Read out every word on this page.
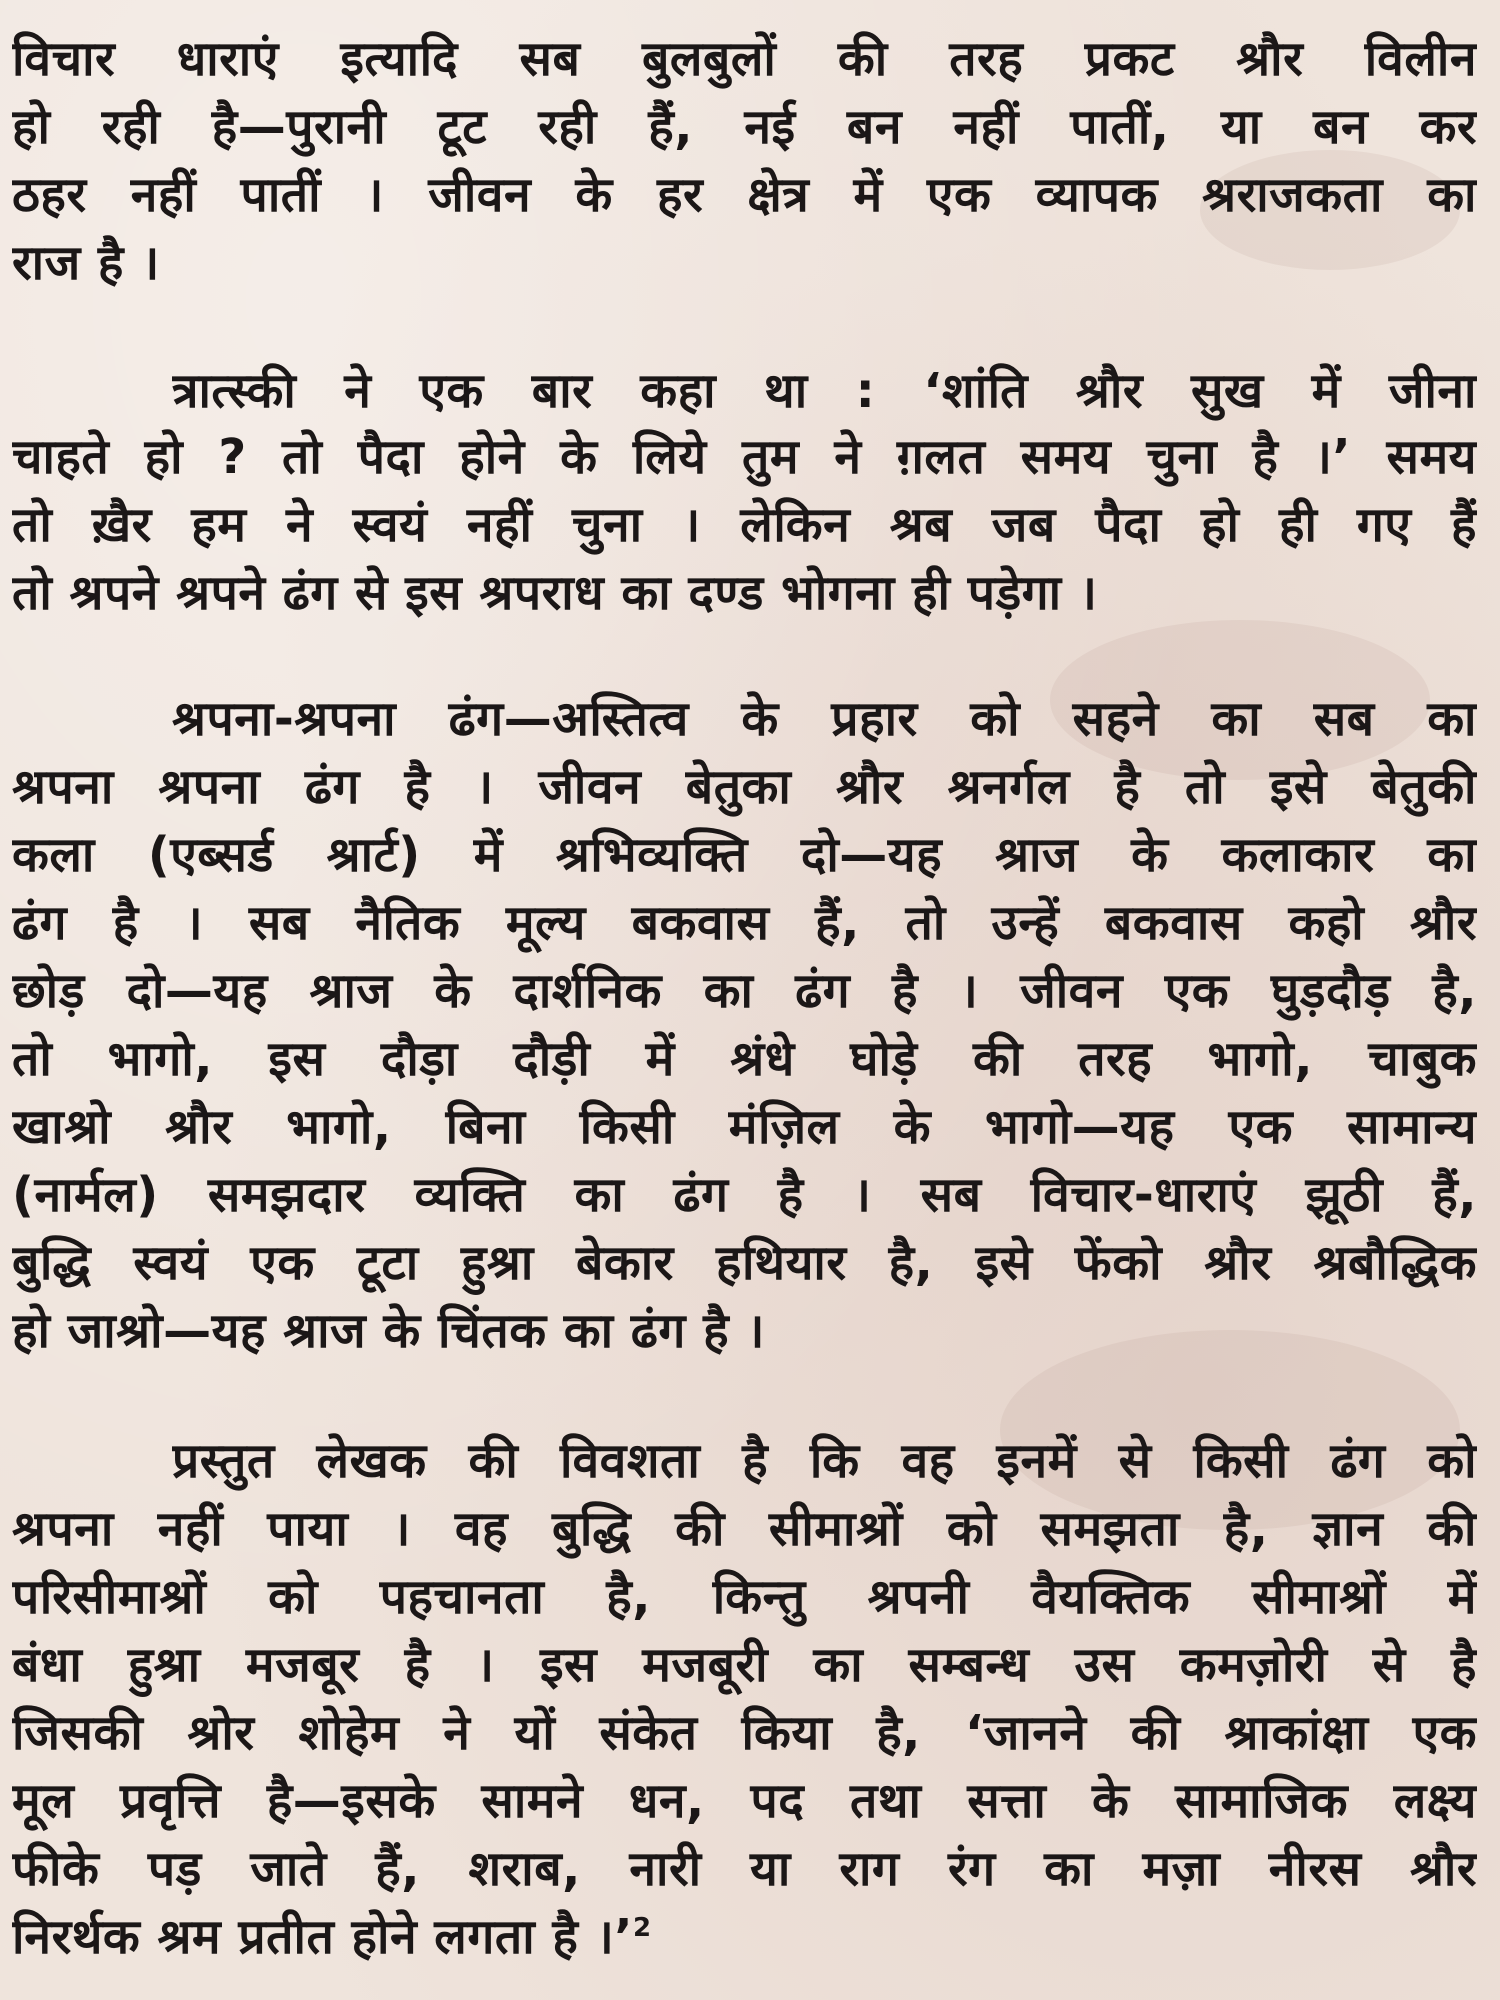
विचार धाराएं इत्यादि सब बुलबुलों की तरह प्रकट श्रौर विलीन
हो रही है—पुरानी टूट रही हैं, नई बन नहीं पातीं, या बन कर
ठहर नहीं पातीं । जीवन के हर क्षेत्र में एक व्यापक श्रराजकता का
राज है ।
त्रात्स्की ने एक बार कहा था : ‘शांति श्रौर सुख में जीना
चाहते हो ? तो पैदा होने के लिये तुम ने ग़लत समय चुना है ।’ समय
तो ख़ैर हम ने स्वयं नहीं चुना । लेकिन श्रब जब पैदा हो ही गए हैं
तो श्रपने श्रपने ढंग से इस श्रपराध का दण्ड भोगना ही पड़ेगा ।
श्रपना-श्रपना ढंग—अस्तित्व के प्रहार को सहने का सब का
श्रपना श्रपना ढंग है । जीवन बेतुका श्रौर श्रनर्गल है तो इसे बेतुकी
कला (एब्सर्ड श्रार्ट) में श्रभिव्यक्ति दो—यह श्राज के कलाकार का
ढंग है । सब नैतिक मूल्य बकवास हैं, तो उन्हें बकवास कहो श्रौर
छोड़ दो—यह श्राज के दार्शनिक का ढंग है । जीवन एक घुड़दौड़ है,
तो भागो, इस दौड़ा दौड़ी में श्रंधे घोड़े की तरह भागो, चाबुक
खाश्रो श्रौर भागो, बिना किसी मंज़िल के भागो—यह एक सामान्य
(नार्मल) समझदार व्यक्ति का ढंग है । सब विचार-धाराएं झूठी हैं,
बुद्धि स्वयं एक टूटा हुश्रा बेकार हथियार है, इसे फेंको श्रौर श्रबौद्धिक
हो जाश्रो—यह श्राज के चिंतक का ढंग है ।
प्रस्तुत लेखक की विवशता है कि वह इनमें से किसी ढंग को
श्रपना नहीं पाया । वह बुद्धि की सीमाश्रों को समझता है, ज्ञान की
परिसीमाश्रों को पहचानता है, किन्तु श्रपनी वैयक्तिक सीमाश्रों में
बंधा हुश्रा मजबूर है । इस मजबूरी का सम्बन्ध उस कमज़ोरी से है
जिसकी श्रोर शोहेम ने यों संकेत किया है, ‘जानने की श्राकांक्षा एक
मूल प्रवृत्ति है—इसके सामने धन, पद तथा सत्ता के सामाजिक लक्ष्य
फीके पड़ जाते हैं, शराब, नारी या राग रंग का मज़ा नीरस श्रौर
निरर्थक श्रम प्रतीत होने लगता है ।’$^2$
